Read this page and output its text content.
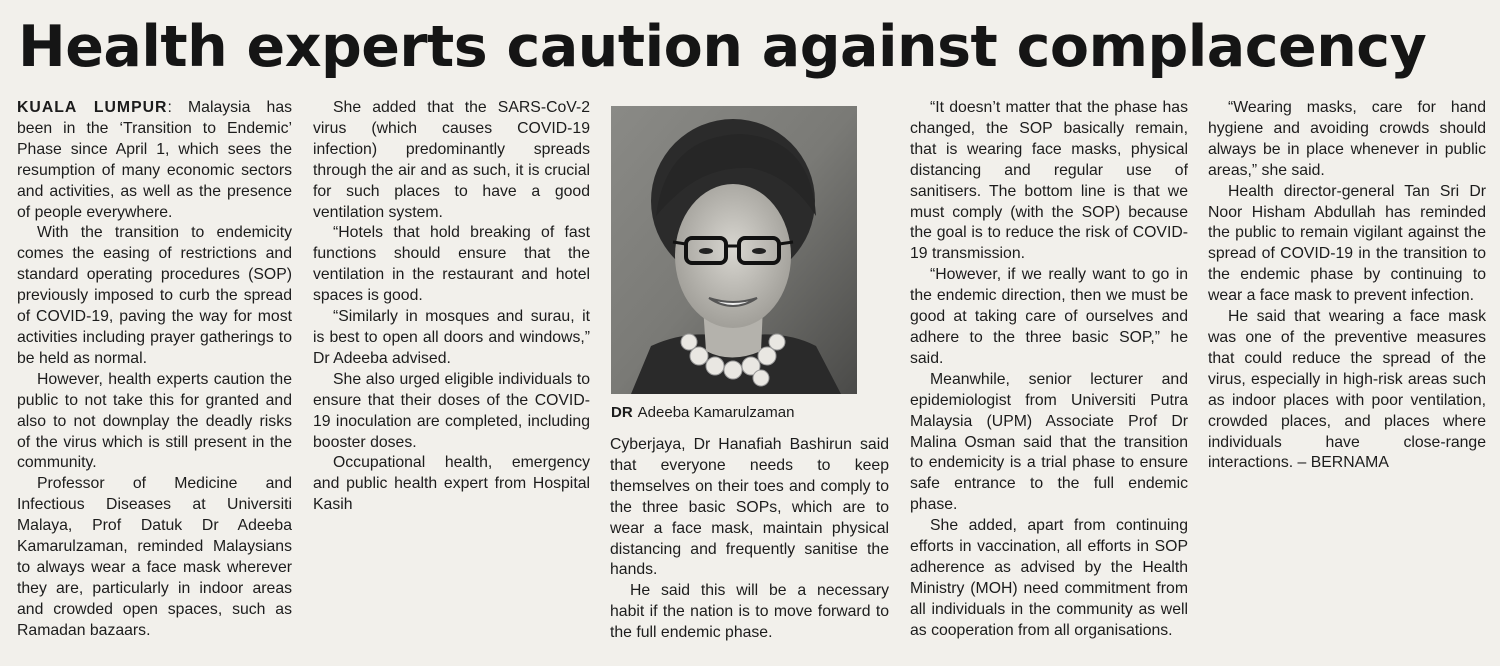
Health experts caution against complacency

KUALA LUMPUR: Malaysia has been in the ‘Transition to Endemic’ Phase since April 1, which sees the resumption of many economic sectors and activities, as well as the presence of people everywhere.

With the transition to endemicity comes the easing of restrictions and standard operating procedures (SOP) previously imposed to curb the spread of COVID-19, paving the way for most activities including prayer gatherings to be held as normal.

However, health experts caution the public to not take this for granted and also to not downplay the deadly risks of the virus which is still present in the community.

Professor of Medicine and Infectious Diseases at Universiti Malaya, Prof Datuk Dr Adeeba Kamarulzaman, reminded Malaysians to always wear a face mask wherever they are, particularly in indoor areas and crowded open spaces, such as Ramadan bazaars.

She added that the SARS-CoV-2 virus (which causes COVID-19 infection) predominantly spreads through the air and as such, it is crucial for such places to have a good ventilation system.

“Hotels that hold breaking of fast functions should ensure that the ventilation in the restaurant and hotel spaces is good.

“Similarly in mosques and surau, it is best to open all doors and windows,” Dr Adeeba advised.

She also urged eligible individuals to ensure that their doses of the COVID-19 inoculation are completed, including booster doses.

Occupational health, emergency and public health expert from Hospital Kasih

DR Adeeba Kamarulzaman

Cyberjaya, Dr Hanafiah Bashirun said that everyone needs to keep themselves on their toes and comply to the three basic SOPs, which are to wear a face mask, maintain physical distancing and frequently sanitise the hands.

He said this will be a necessary habit if the nation is to move forward to the full endemic phase.

“It doesn’t matter that the phase has changed, the SOP basically remain, that is wearing face masks, physical distancing and regular use of sanitisers. The bottom line is that we must comply (with the SOP) because the goal is to reduce the risk of COVID-19 transmission.

“However, if we really want to go in the endemic direction, then we must be good at taking care of ourselves and adhere to the three basic SOP,” he said.

Meanwhile, senior lecturer and epidemiologist from Universiti Putra Malaysia (UPM) Associate Prof Dr Malina Osman said that the transition to endemicity is a trial phase to ensure safe entrance to the full endemic phase.

She added, apart from continuing efforts in vaccination, all efforts in SOP adherence as advised by the Health Ministry (MOH) need commitment from all individuals in the community as well as cooperation from all organisations.

“Wearing masks, care for hand hygiene and avoiding crowds should always be in place whenever in public areas,” she said.

Health director-general Tan Sri Dr Noor Hisham Abdullah has reminded the public to remain vigilant against the spread of COVID-19 in the transition to the endemic phase by continuing to wear a face mask to prevent infection.

He said that wearing a face mask was one of the preventive measures that could reduce the spread of the virus, especially in high-risk areas such as indoor places with poor ventilation, crowded places, and places where individuals have close-range interactions. – BERNAMA
